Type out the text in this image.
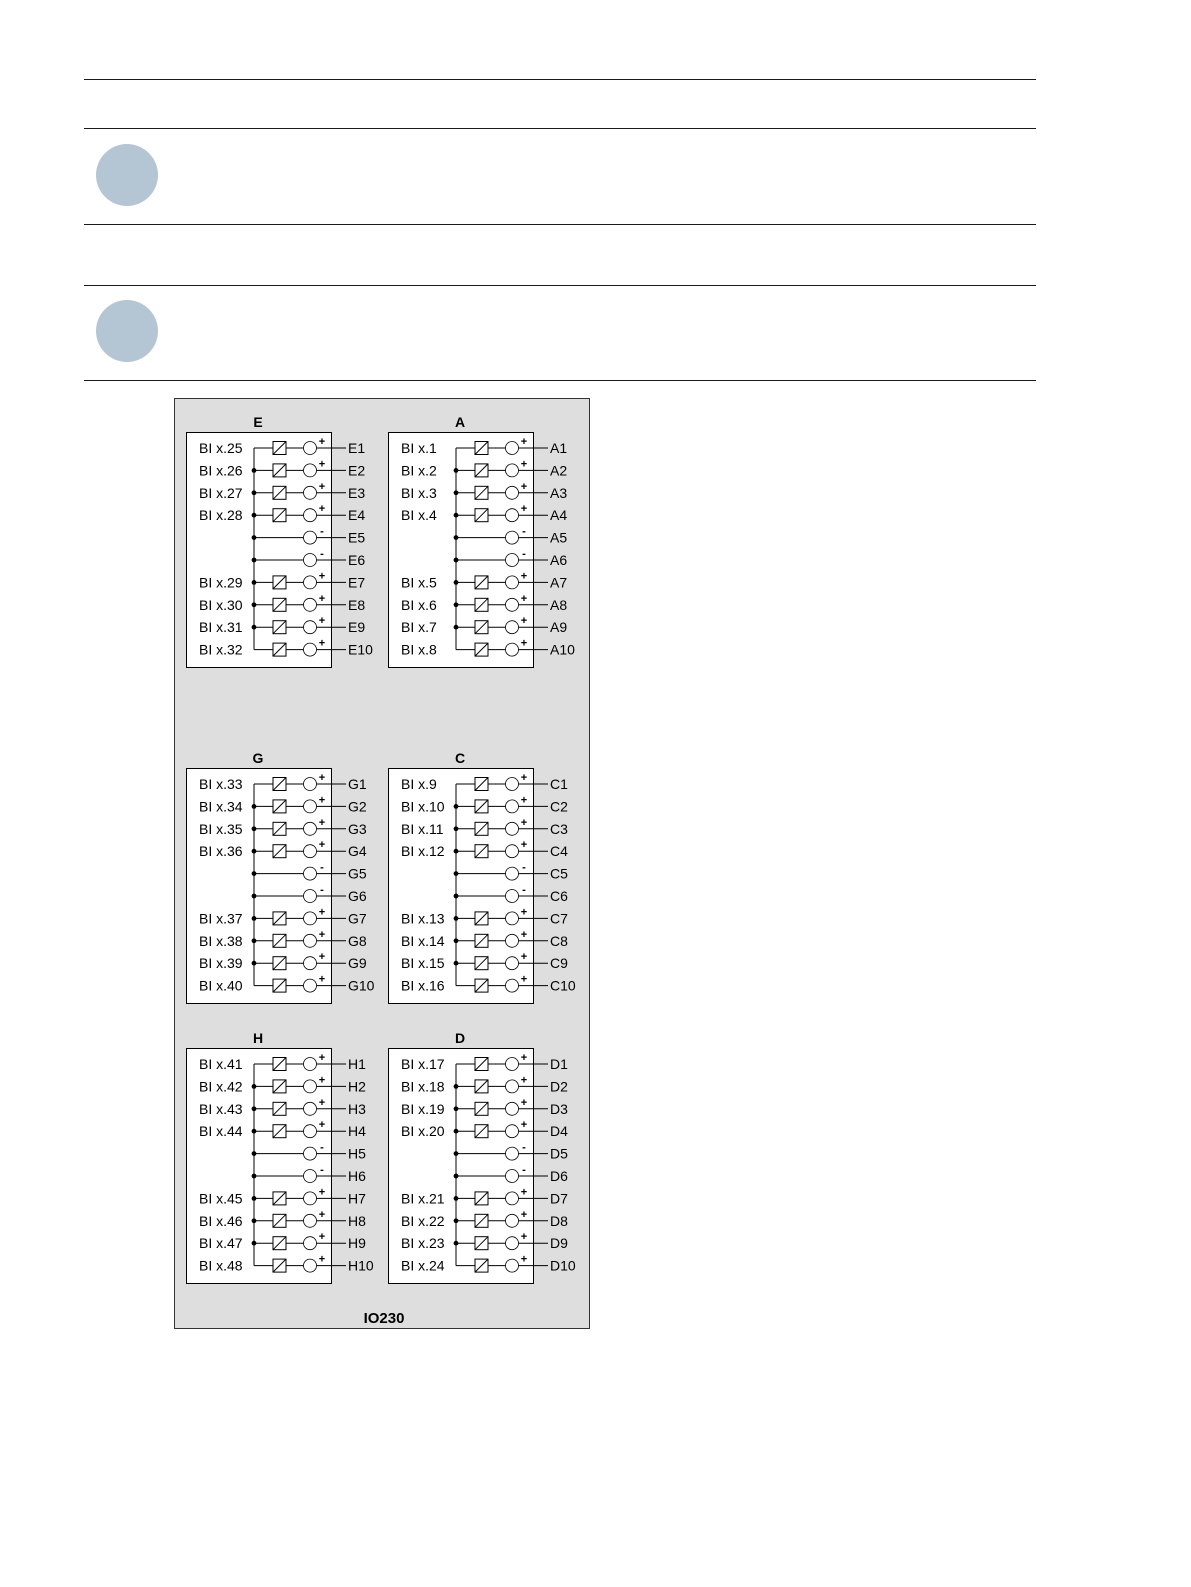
E
BI x.25	+ E1
BI x.26	+ E2
BI x.27	+ E3
BI x.28	+ E4
- E5
- E6
BI x.29	+ E7
BI x.30	+ E8
BI x.31	+ E9
BI x.32	+ E10
A
BI x.1	+ A1
BI x.2	+ A2
BI x.3	+ A3
BI x.4	+ A4
- A5
- A6
BI x.5	+ A7
BI x.6	+ A8
BI x.7	+ A9
BI x.8	+ A10
G
BI x.33	+ G1
BI x.34	+ G2
BI x.35	+ G3
BI x.36	+ G4
- G5
- G6
BI x.37	+ G7
BI x.38	+ G8
BI x.39	+ G9
BI x.40	+ G10
C
BI x.9	+ C1
BI x.10	+ C2
BI x.11	+ C3
BI x.12	+ C4
- C5
- C6
BI x.13	+ C7
BI x.14	+ C8
BI x.15	+ C9
BI x.16	+ C10
H
BI x.41	+ H1
BI x.42	+ H2
BI x.43	+ H3
BI x.44	+ H4
- H5
- H6
BI x.45	+ H7
BI x.46	+ H8
BI x.47	+ H9
BI x.48	+ H10
D
BI x.17	+ D1
BI x.18	+ D2
BI x.19	+ D3
BI x.20	+ D4
- D5
- D6
BI x.21	+ D7
BI x.22	+ D8
BI x.23	+ D9
BI x.24	+ D10
IO230
